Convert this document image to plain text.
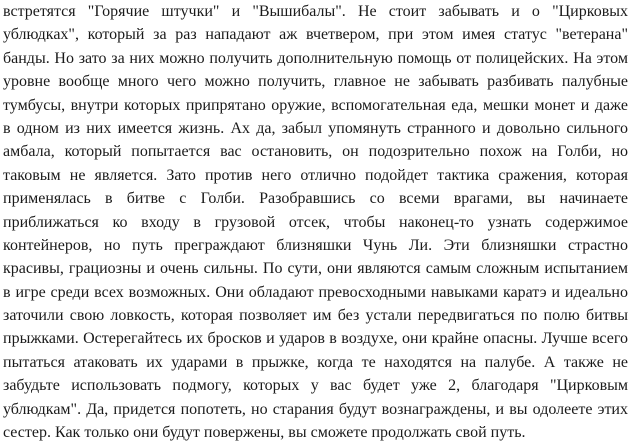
встретятся "Горячие штучки" и "Вышибалы". Не стоит забывать и о "Цирковых
ублюдках", который за раз нападают аж вчетвером, при этом имея статус "ветерана"
банды. Но зато за них можно получить дополнительную помощь от полицейских. На этом
уровне вообще много чего можно получить, главное не забывать разбивать палубные
тумбусы, внутри которых припрятано оружие, вспомогательная еда, мешки монет и даже
в одном из них имеется жизнь. Ах да, забыл упомянуть странного и довольно сильного
амбала, который попытается вас остановить, он подозрительно похож на Голби, но
таковым не является. Зато против него отлично подойдет тактика сражения, которая
применялась в битве с Голби. Разобравшись со всеми врагами, вы начинаете
приближаться ко входу в грузовой отсек, чтобы наконец-то узнать содержимое
контейнеров, но путь преграждают близняшки Чунь Ли. Эти близняшки страстно
красивы, грациозны и очень сильны. По сути, они являются самым сложным испытанием
в игре среди всех возможных. Они обладают превосходными навыками каратэ и идеально
заточили свою ловкость, которая позволяет им без устали передвигаться по полю битвы
прыжками. Остерегайтесь их бросков и ударов в воздухе, они крайне опасны. Лучше всего
пытаться атаковать их ударами в прыжке, когда те находятся на палубе. А также не
забудьте использовать подмогу, которых у вас будет уже 2, благодаря "Цирковым
ублюдкам". Да, придется попотеть, но старания будут вознаграждены, и вы одолеете этих
сестер. Как только они будут повержены, вы сможете продолжать свой путь.
